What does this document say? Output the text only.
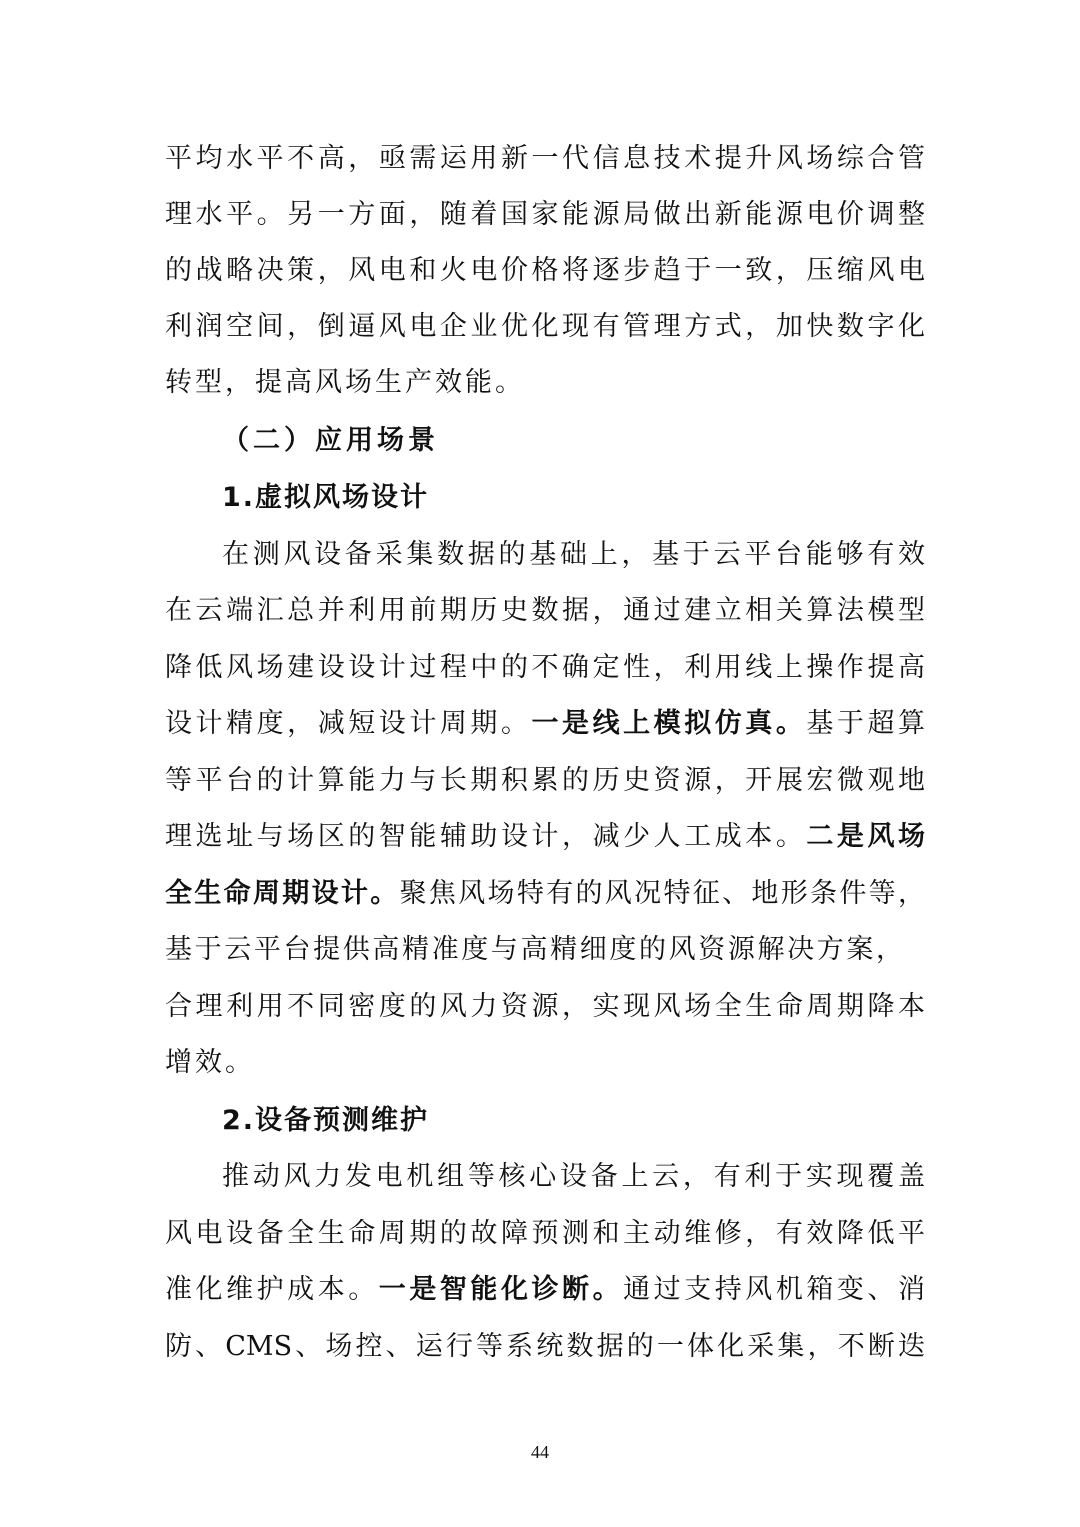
平均水平不高，亟需运用新一代信息技术提升风场综合管
理水平。另一方面，随着国家能源局做出新能源电价调整
的战略决策，风电和火电价格将逐步趋于一致，压缩风电
利润空间，倒逼风电企业优化现有管理方式，加快数字化
转型，提高风场生产效能。
（二）应用场景
1.虚拟风场设计
在测风设备采集数据的基础上，基于云平台能够有效
在云端汇总并利用前期历史数据，通过建立相关算法模型
降低风场建设设计过程中的不确定性，利用线上操作提高
设计精度，减短设计周期。一是线上模拟仿真。基于超算
等平台的计算能力与长期积累的历史资源，开展宏微观地
理选址与场区的智能辅助设计，减少人工成本。二是风场
全生命周期设计。聚焦风场特有的风况特征、地形条件等，
基于云平台提供高精准度与高精细度的风资源解决方案，
合理利用不同密度的风力资源，实现风场全生命周期降本
增效。
2.设备预测维护
推动风力发电机组等核心设备上云，有利于实现覆盖
风电设备全生命周期的故障预测和主动维修，有效降低平
准化维护成本。一是智能化诊断。通过支持风机箱变、消
防、CMS、场控、运行等系统数据的一体化采集，不断迭
44
